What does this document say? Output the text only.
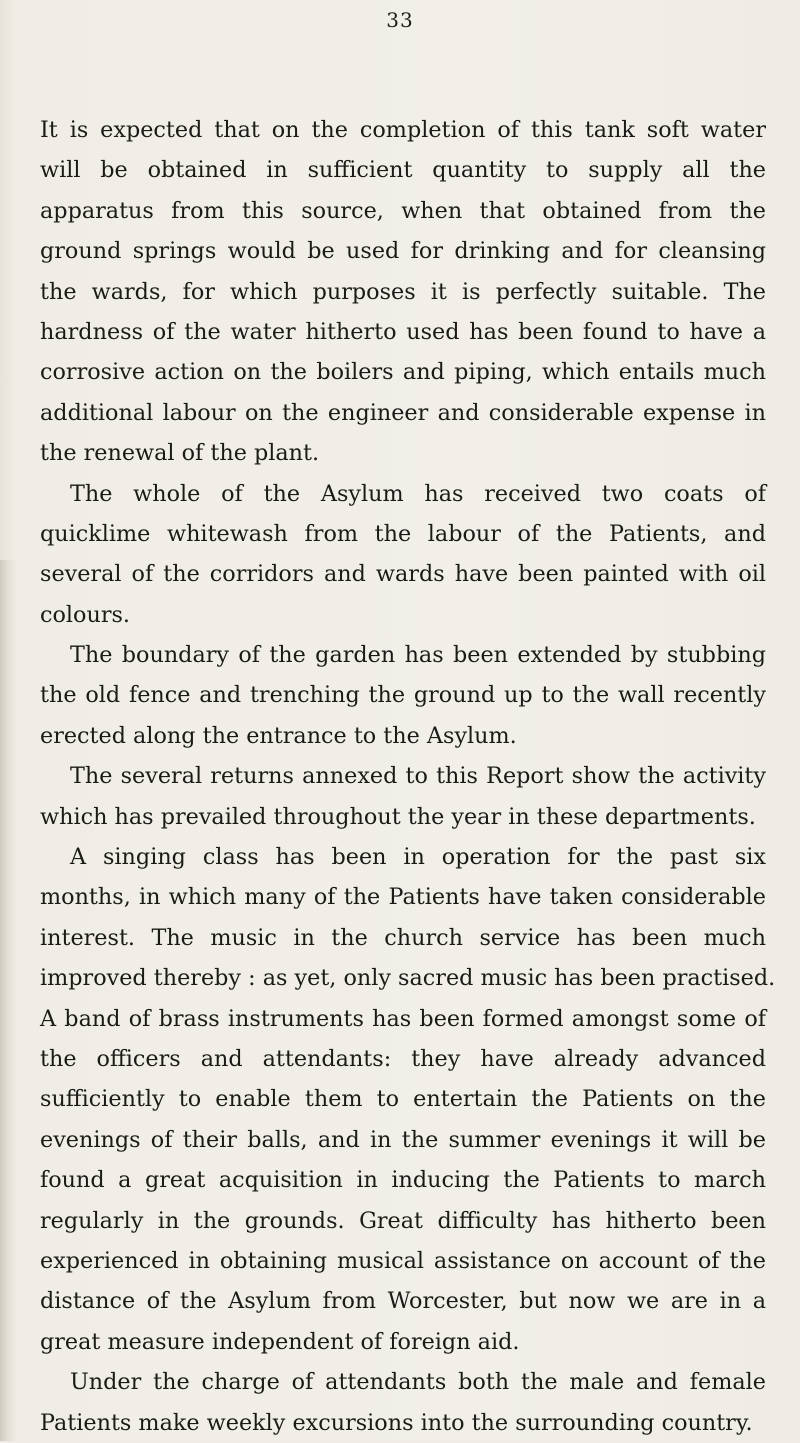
33
It is expected that on the completion of this tank soft water
will be obtained in sufficient quantity to supply all the
apparatus from this source, when that obtained from the
ground springs would be used for drinking and for cleansing
the wards, for which purposes it is perfectly suitable. The
hardness of the water hitherto used has been found to have a
corrosive action on the boilers and piping, which entails much
additional labour on the engineer and considerable expense in
the renewal of the plant.
The whole of the Asylum has received two coats of
quicklime whitewash from the labour of the Patients, and
several of the corridors and wards have been painted with oil
colours.
The boundary of the garden has been extended by stubbing
the old fence and trenching the ground up to the wall recently
erected along the entrance to the Asylum.
The several returns annexed to this Report show the activity
which has prevailed throughout the year in these departments.
A singing class has been in operation for the past six
months, in which many of the Patients have taken considerable
interest. The music in the church service has been much
improved thereby : as yet, only sacred music has been practised.
A band of brass instruments has been formed amongst some of
the officers and attendants: they have already advanced
sufficiently to enable them to entertain the Patients on the
evenings of their balls, and in the summer evenings it will be
found a great acquisition in inducing the Patients to march
regularly in the grounds. Great difficulty has hitherto been
experienced in obtaining musical assistance on account of the
distance of the Asylum from Worcester, but now we are in a
great measure independent of foreign aid.
Under the charge of attendants both the male and female
Patients make weekly excursions into the surrounding country.
